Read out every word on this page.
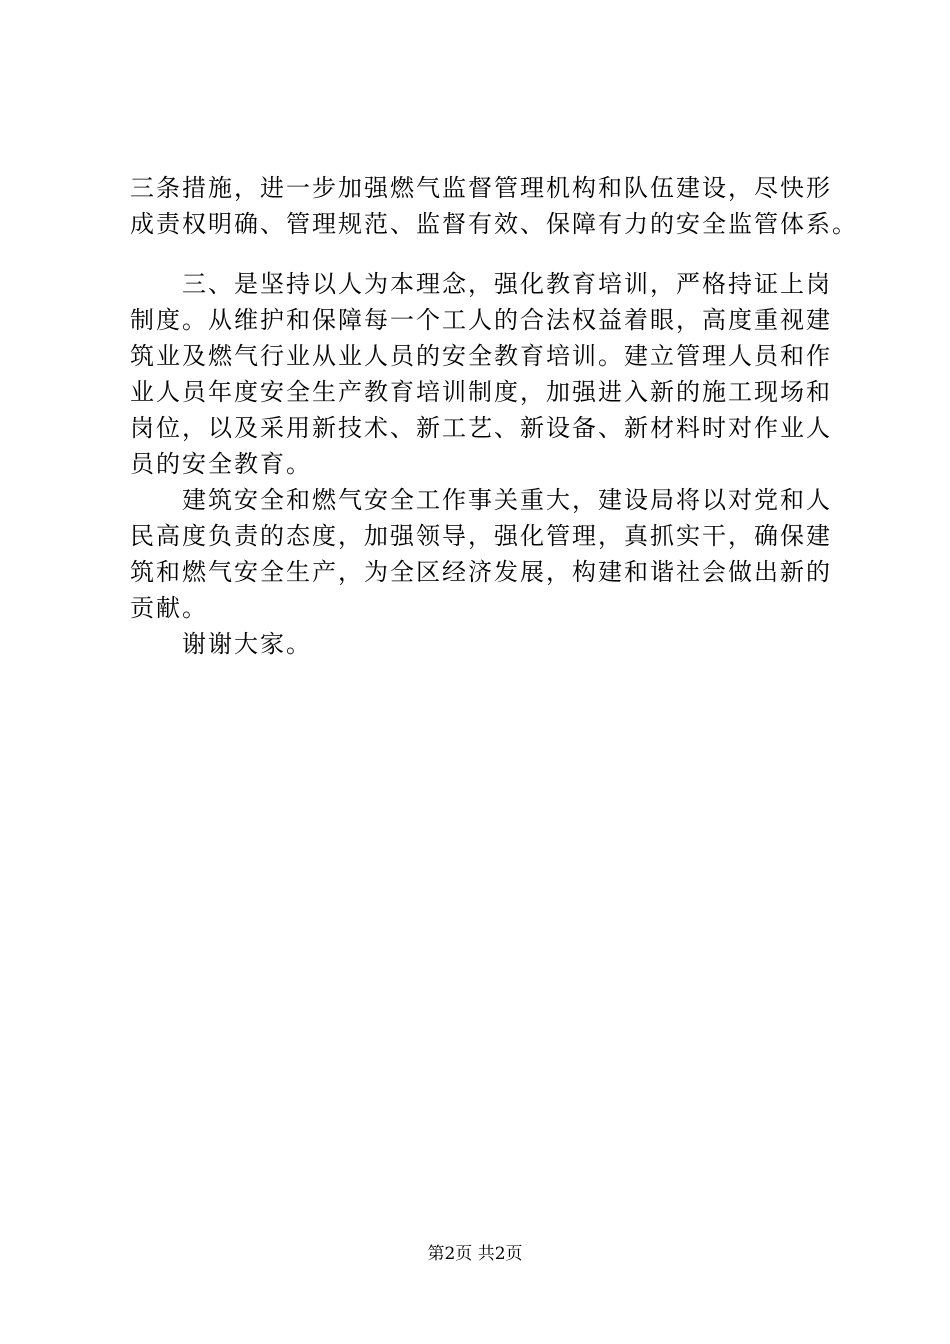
三条措施，进一步加强燃气监督管理机构和队伍建设，尽快形
成责权明确、管理规范、监督有效、保障有力的安全监管体系。
　　三、是坚持以人为本理念，强化教育培训，严格持证上岗
制度。从维护和保障每一个工人的合法权益着眼，高度重视建
筑业及燃气行业从业人员的安全教育培训。建立管理人员和作
业人员年度安全生产教育培训制度，加强进入新的施工现场和
岗位，以及采用新技术、新工艺、新设备、新材料时对作业人
员的安全教育。
　　建筑安全和燃气安全工作事关重大，建设局将以对党和人
民高度负责的态度，加强领导，强化管理，真抓实干，确保建
筑和燃气安全生产，为全区经济发展，构建和谐社会做出新的
贡献。
　　谢谢大家。
第2页 共2页
